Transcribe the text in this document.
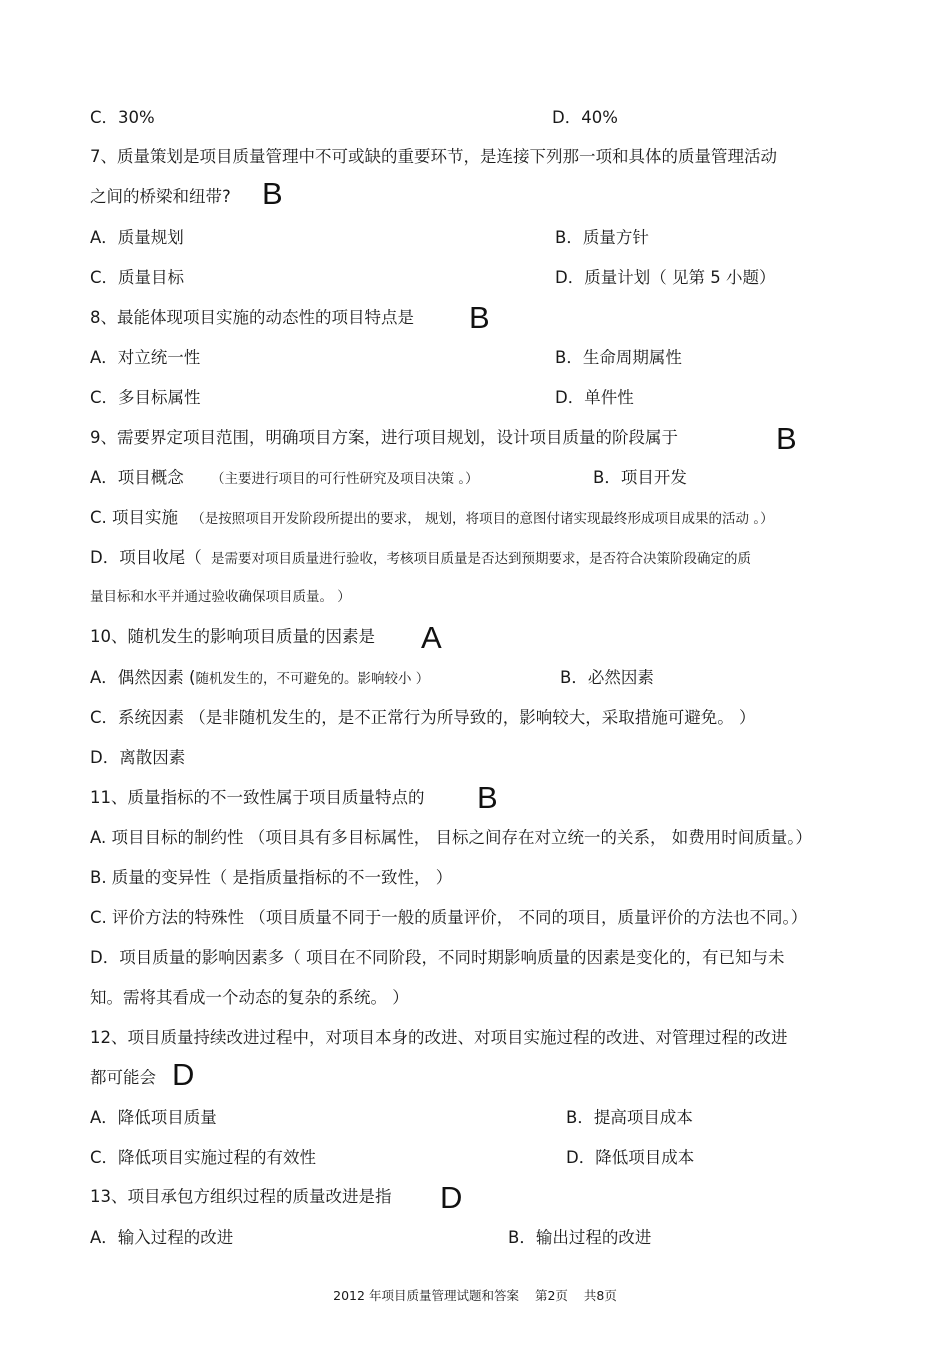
C．30%	D．40%
7、质量策划是项目质量管理中不可或缺的重要环节，是连接下列那一项和具体的质量管理活动
之间的桥梁和纽带? B
A．质量规划	B．质量方针
C．质量目标	D．质量计划（ 见第 5 小题）
8、最能体现项目实施的动态性的项目特点是 B
A．对立统一性	B．生命周期属性
C．多目标属性	D．单件性
9、需要界定项目范围，明确项目方案，进行项目规划，设计项目质量的阶段属于	B
A．项目概念 （主要进行项目的可行性研究及项目决策 。）	B．项目开发
C. 项目实施 （是按照项目开发阶段所提出的要求， 规划，将项目的意图付诸实现最终形成项目成果的活动 。）
D．项目收尾（ 是需要对项目质量进行验收，考核项目质量是否达到预期要求，是否符合决策阶段确定的质
量目标和水平并通过验收确保项目质量。 ）
10、随机发生的影响项目质量的因素是 A
A．偶然因素 (随机发生的，不可避免的。影响较小 ）	B．必然因素
C．系统因素 （是非随机发生的，是不正常行为所导致的，影响较大，采取措施可避免。 ）
D．离散因素
11、质量指标的不一致性属于项目质量特点的 B
A. 项目目标的制约性 （项目具有多目标属性， 目标之间存在对立统一的关系， 如费用时间质量。）
B. 质量的变异性（ 是指质量指标的不一致性， ）
C. 评价方法的特殊性 （项目质量不同于一般的质量评价， 不同的项目，质量评价的方法也不同。）
D．项目质量的影响因素多（ 项目在不同阶段，不同时期影响质量的因素是变化的，有已知与未
知。需将其看成一个动态的复杂的系统。 ）
12、项目质量持续改进过程中，对项目本身的改进、对项目实施过程的改进、对管理过程的改进
都可能会 D
A．降低项目质量	B．提高项目成本
C．降低项目实施过程的有效性	D．降低项目成本
13、项目承包方组织过程的质量改进是指 D
A．输入过程的改进	B．输出过程的改进
2012 年项目质量管理试题和答案 第2页 共8页
